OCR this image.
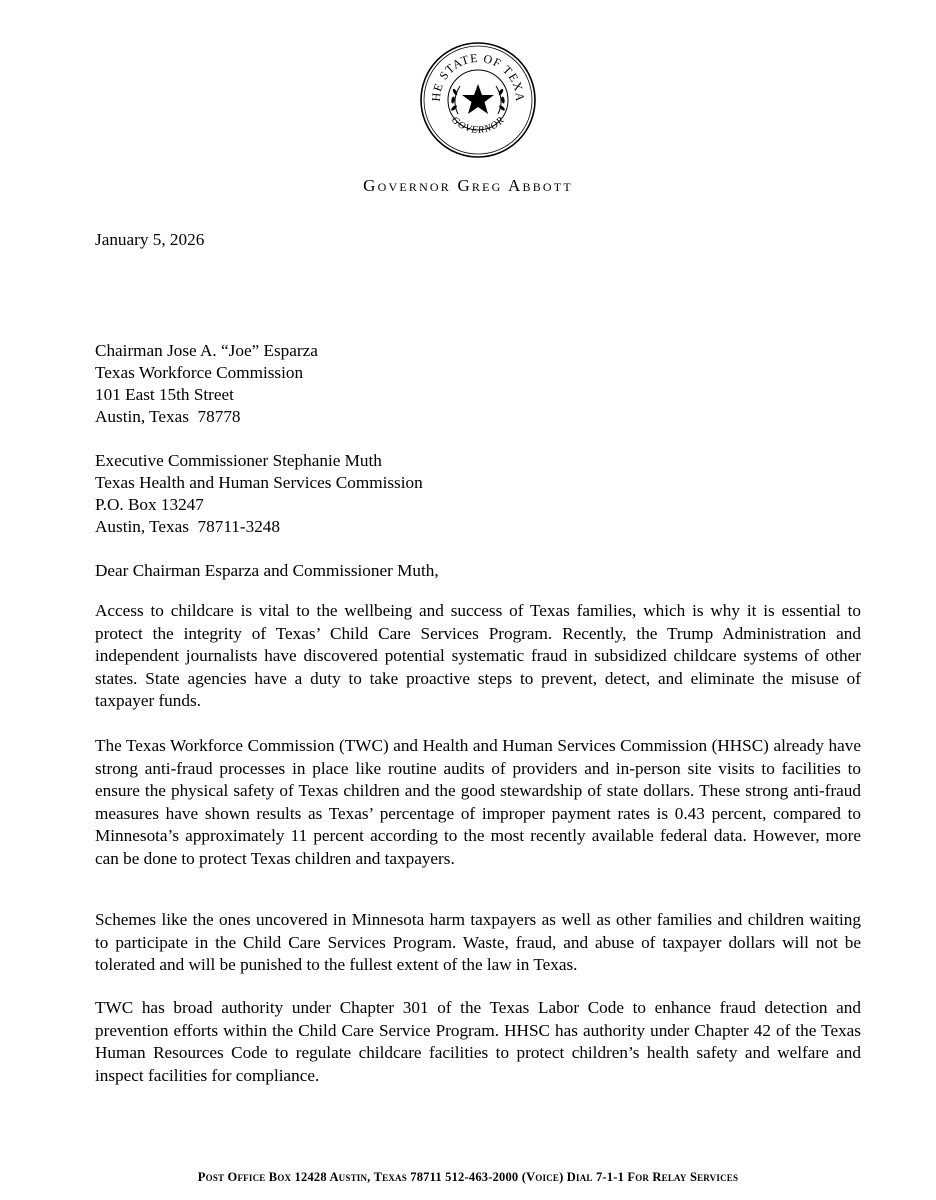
HE STATE OF TEXA
GOVERNOR
Governor Greg Abbott
January 5, 2026
Chairman Jose A. “Joe” Esparza
Texas Workforce Commission
101 East 15th Street
Austin, Texas  78778
Executive Commissioner Stephanie Muth
Texas Health and Human Services Commission
P.O. Box 13247
Austin, Texas  78711-3248
Dear Chairman Esparza and Commissioner Muth,
Access to childcare is vital to the wellbeing and success of Texas families, which is why it is essential to protect the integrity of Texas’ Child Care Services Program. Recently, the Trump Administration and independent journalists have discovered potential systematic fraud in subsidized childcare systems of other states. State agencies have a duty to take proactive steps to prevent, detect, and eliminate the misuse of taxpayer funds.
The Texas Workforce Commission (TWC) and Health and Human Services Commission (HHSC) already have strong anti-fraud processes in place like routine audits of providers and in-person site visits to facilities to ensure the physical safety of Texas children and the good stewardship of state dollars. These strong anti-fraud measures have shown results as Texas’ percentage of improper payment rates is 0.43 percent, compared to Minnesota’s approximately 11 percent according to the most recently available federal data. However, more can be done to protect Texas children and taxpayers.
Schemes like the ones uncovered in Minnesota harm taxpayers as well as other families and children waiting to participate in the Child Care Services Program. Waste, fraud, and abuse of taxpayer dollars will not be tolerated and will be punished to the fullest extent of the law in Texas.
TWC has broad authority under Chapter 301 of the Texas Labor Code to enhance fraud detection and prevention efforts within the Child Care Service Program. HHSC has authority under Chapter 42 of the Texas Human Resources Code to regulate childcare facilities to protect children’s health safety and welfare and inspect facilities for compliance.
Post Office Box 12428 Austin, Texas 78711 512-463-2000 (Voice) Dial 7-1-1 For Relay Services
